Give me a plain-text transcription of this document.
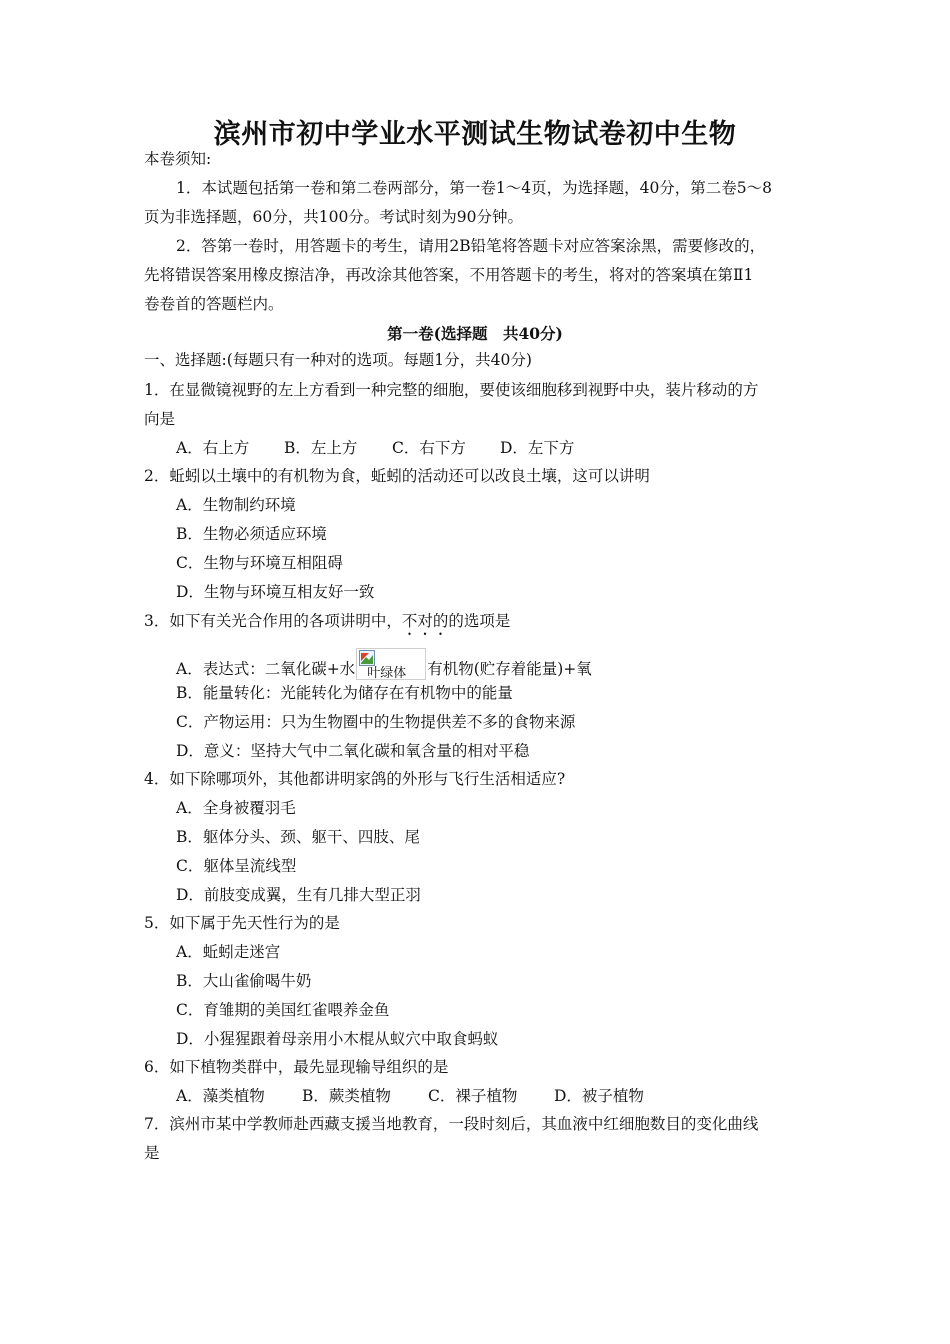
滨州市初中学业水平测试生物试卷初中生物
本卷须知:
1．本试题包括第一卷和第二卷两部分，第一卷1～4页，为选择题，40分，第二卷5～8
页为非选择题，60分，共100分。考试时刻为90分钟。
2．答第一卷时，用答题卡的考生，请用2B铅笔将答题卡对应答案涂黑，需要修改的，
先将错误答案用橡皮擦洁净，再改涂其他答案，不用答题卡的考生，将对的答案填在第Ⅱ1
卷卷首的答题栏内。
第一卷(选择题　共40分)
一、选择题:(每题只有一种对的选项。每题1分，共40分)
1．在显微镜视野的左上方看到一种完整的细胞，要使该细胞移到视野中央，装片移动的方
向是
A．右上方 B．左上方 C．右下方 D．左下方
2．蚯蚓以土壤中的有机物为食，蚯蚓的活动还可以改良土壤，这可以讲明
A．生物制约环境
B．生物必须适应环境
C．生物与环境互相阻碍
D．生物与环境互相友好一致
3．如下有关光合作用的各项讲明中，不对的的选项是
A．表达式：二氧化碳+水 叶绿体 有机物(贮存着能量)+氧
B．能量转化：光能转化为储存在有机物中的能量
C．产物运用：只为生物圈中的生物提供差不多的食物来源
D．意义：坚持大气中二氧化碳和氧含量的相对平稳
4．如下除哪项外，其他都讲明家鸽的外形与飞行生活相适应?
A．全身被覆羽毛
B．躯体分头、颈、躯干、四肢、尾
C．躯体呈流线型
D．前肢变成翼，生有几排大型正羽
5．如下属于先天性行为的是
A．蚯蚓走迷宫
B．大山雀偷喝牛奶
C．育雏期的美国红雀喂养金鱼
D．小猩猩跟着母亲用小木棍从蚁穴中取食蚂蚁
6．如下植物类群中，最先显现输导组织的是
A．藻类植物 B．蕨类植物 C．裸子植物 D．被子植物
7．滨州市某中学教师赴西藏支援当地教育，一段时刻后，其血液中红细胞数目的变化曲线
是
